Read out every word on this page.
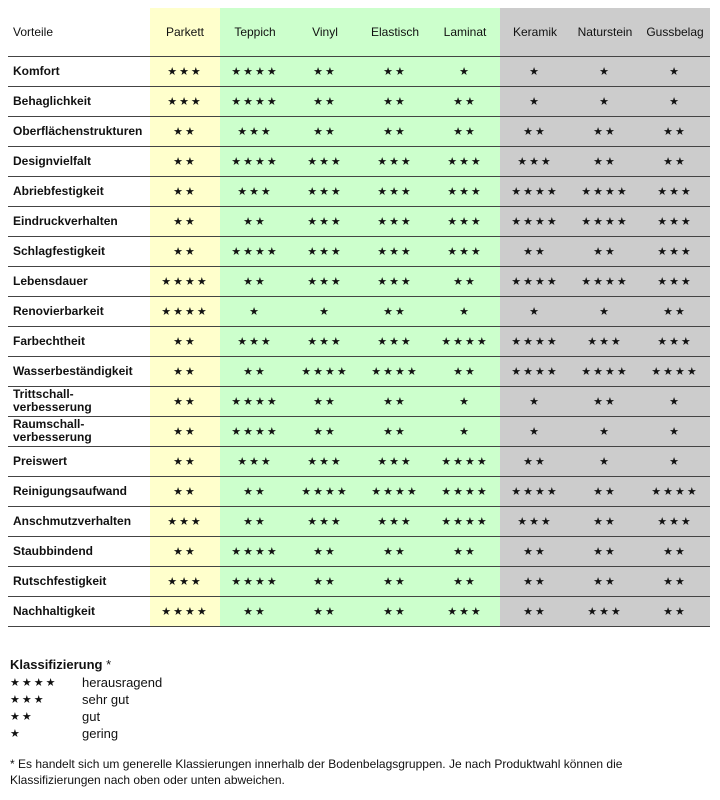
Vorteile	Parkett	Teppich	Vinyl	Elastisch	Laminat	Keramik	Naturstein	Gussbelag
Komfort	★★★	★★★★	★★	★★	★	★	★	★
Behaglichkeit	★★★	★★★★	★★	★★	★★	★	★	★
Oberflächenstrukturen	★★	★★★	★★	★★	★★	★★	★★	★★
Designvielfalt	★★	★★★★	★★★	★★★	★★★	★★★	★★	★★
Abriebfestigkeit	★★	★★★	★★★	★★★	★★★	★★★★	★★★★	★★★
Eindruckverhalten	★★	★★	★★★	★★★	★★★	★★★★	★★★★	★★★
Schlagfestigkeit	★★	★★★★	★★★	★★★	★★★	★★	★★	★★★
Lebensdauer	★★★★	★★	★★★	★★★	★★	★★★★	★★★★	★★★
Renovierbarkeit	★★★★	★	★	★★	★	★	★	★★
Farbechtheit	★★	★★★	★★★	★★★	★★★★	★★★★	★★★	★★★
Wasserbeständigkeit	★★	★★	★★★★	★★★★	★★	★★★★	★★★★	★★★★
Trittschall-
verbesserung	★★	★★★★	★★	★★	★	★	★★	★
Raumschall-
verbesserung	★★	★★★★	★★	★★	★	★	★	★
Preiswert	★★	★★★	★★★	★★★	★★★★	★★	★	★
Reinigungsaufwand	★★	★★	★★★★	★★★★	★★★★	★★★★	★★	★★★★
Anschmutzverhalten	★★★	★★	★★★	★★★	★★★★	★★★	★★	★★★
Staubbindend	★★	★★★★	★★	★★	★★	★★	★★	★★
Rutschfestigkeit	★★★	★★★★	★★	★★	★★	★★	★★	★★
Nachhaltigkeit	★★★★	★★	★★	★★	★★★	★★	★★★	★★
Klassifizierung *
★★★★	herausragend
★★★	sehr gut
★★	gut
★	gering
* Es handelt sich um generelle Klassierungen innerhalb der Bodenbelagsgruppen. Je nach Produktwahl können die Klassifizierungen nach oben oder unten abweichen.
